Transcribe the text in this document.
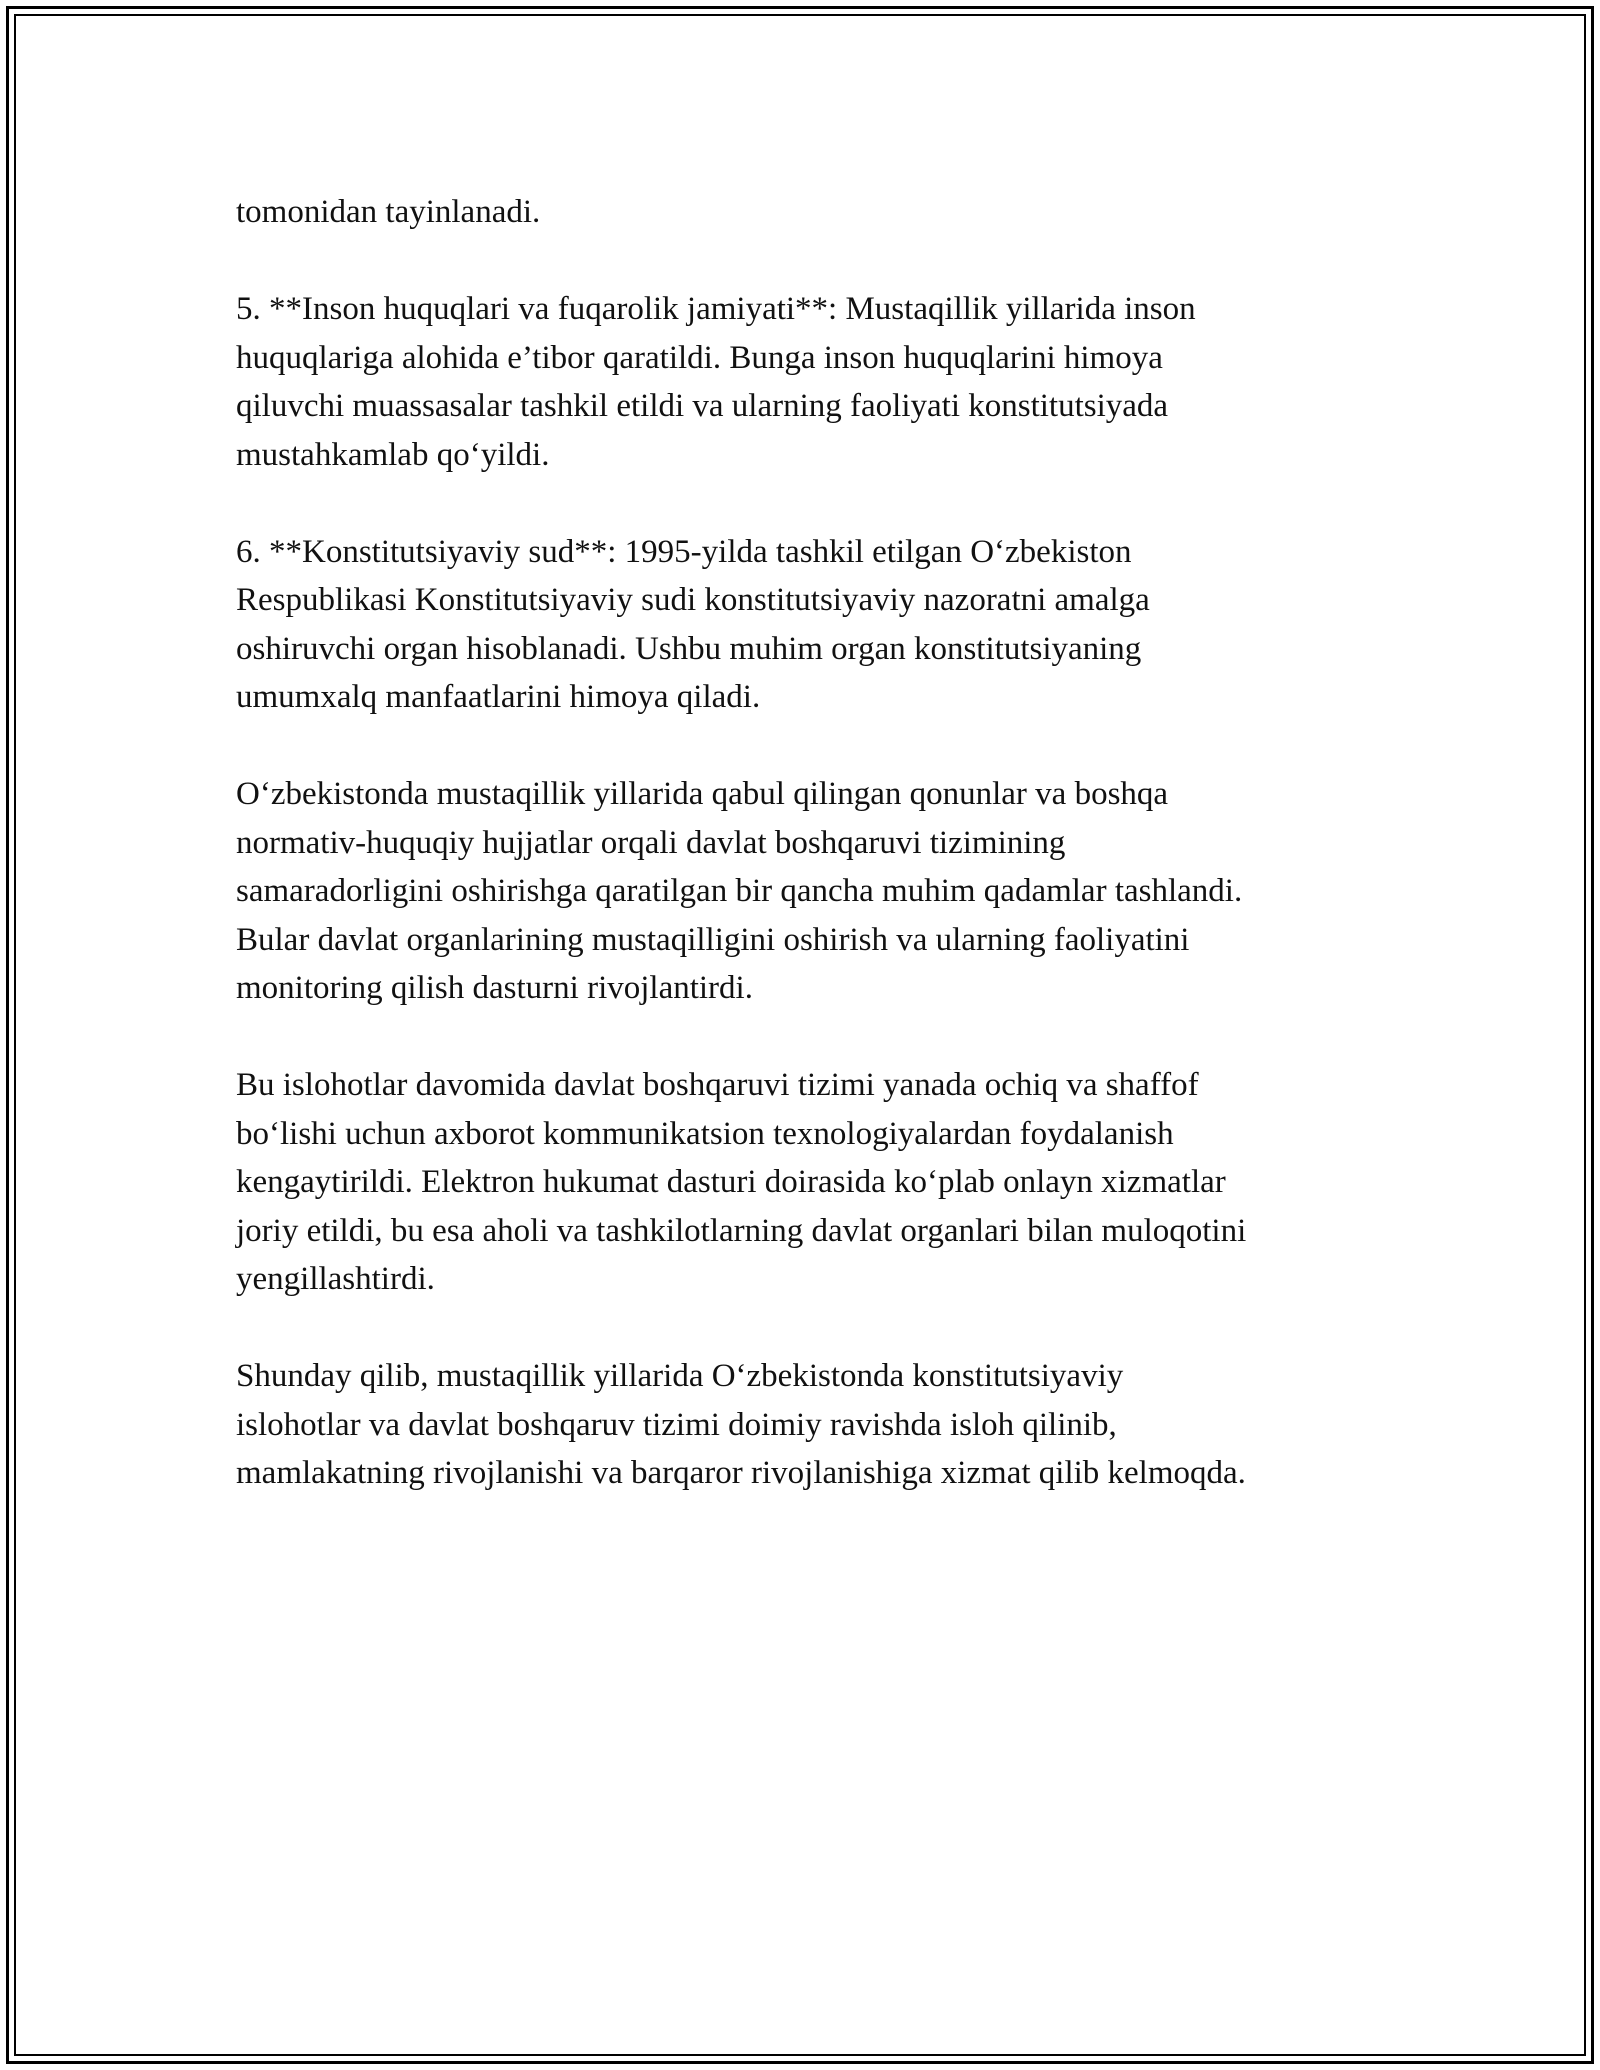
tomonidan tayinlanadi.

5. **Inson huquqlari va fuqarolik jamiyati**: Mustaqillik yillarida inson
huquqlariga alohida e’tibor qaratildi. Bunga inson huquqlarini himoya
qiluvchi muassasalar tashkil etildi va ularning faoliyati konstitutsiyada
mustahkamlab qo‘yildi.

6. **Konstitutsiyaviy sud**: 1995-yilda tashkil etilgan O‘zbekiston
Respublikasi Konstitutsiyaviy sudi konstitutsiyaviy nazoratni amalga
oshiruvchi organ hisoblanadi. Ushbu muhim organ konstitutsiyaning
umumxalq manfaatlarini himoya qiladi.

O‘zbekistonda mustaqillik yillarida qabul qilingan qonunlar va boshqa
normativ-huquqiy hujjatlar orqali davlat boshqaruvi tizimining
samaradorligini oshirishga qaratilgan bir qancha muhim qadamlar tashlandi.
Bular davlat organlarining mustaqilligini oshirish va ularning faoliyatini
monitoring qilish dasturni rivojlantirdi.

Bu islohotlar davomida davlat boshqaruvi tizimi yanada ochiq va shaffof
bo‘lishi uchun axborot kommunikatsion texnologiyalardan foydalanish
kengaytirildi. Elektron hukumat dasturi doirasida ko‘plab onlayn xizmatlar
joriy etildi, bu esa aholi va tashkilotlarning davlat organlari bilan muloqotini
yengillashtirdi.

Shunday qilib, mustaqillik yillarida O‘zbekistonda konstitutsiyaviy
islohotlar va davlat boshqaruv tizimi doimiy ravishda isloh qilinib,
mamlakatning rivojlanishi va barqaror rivojlanishiga xizmat qilib kelmoqda.
